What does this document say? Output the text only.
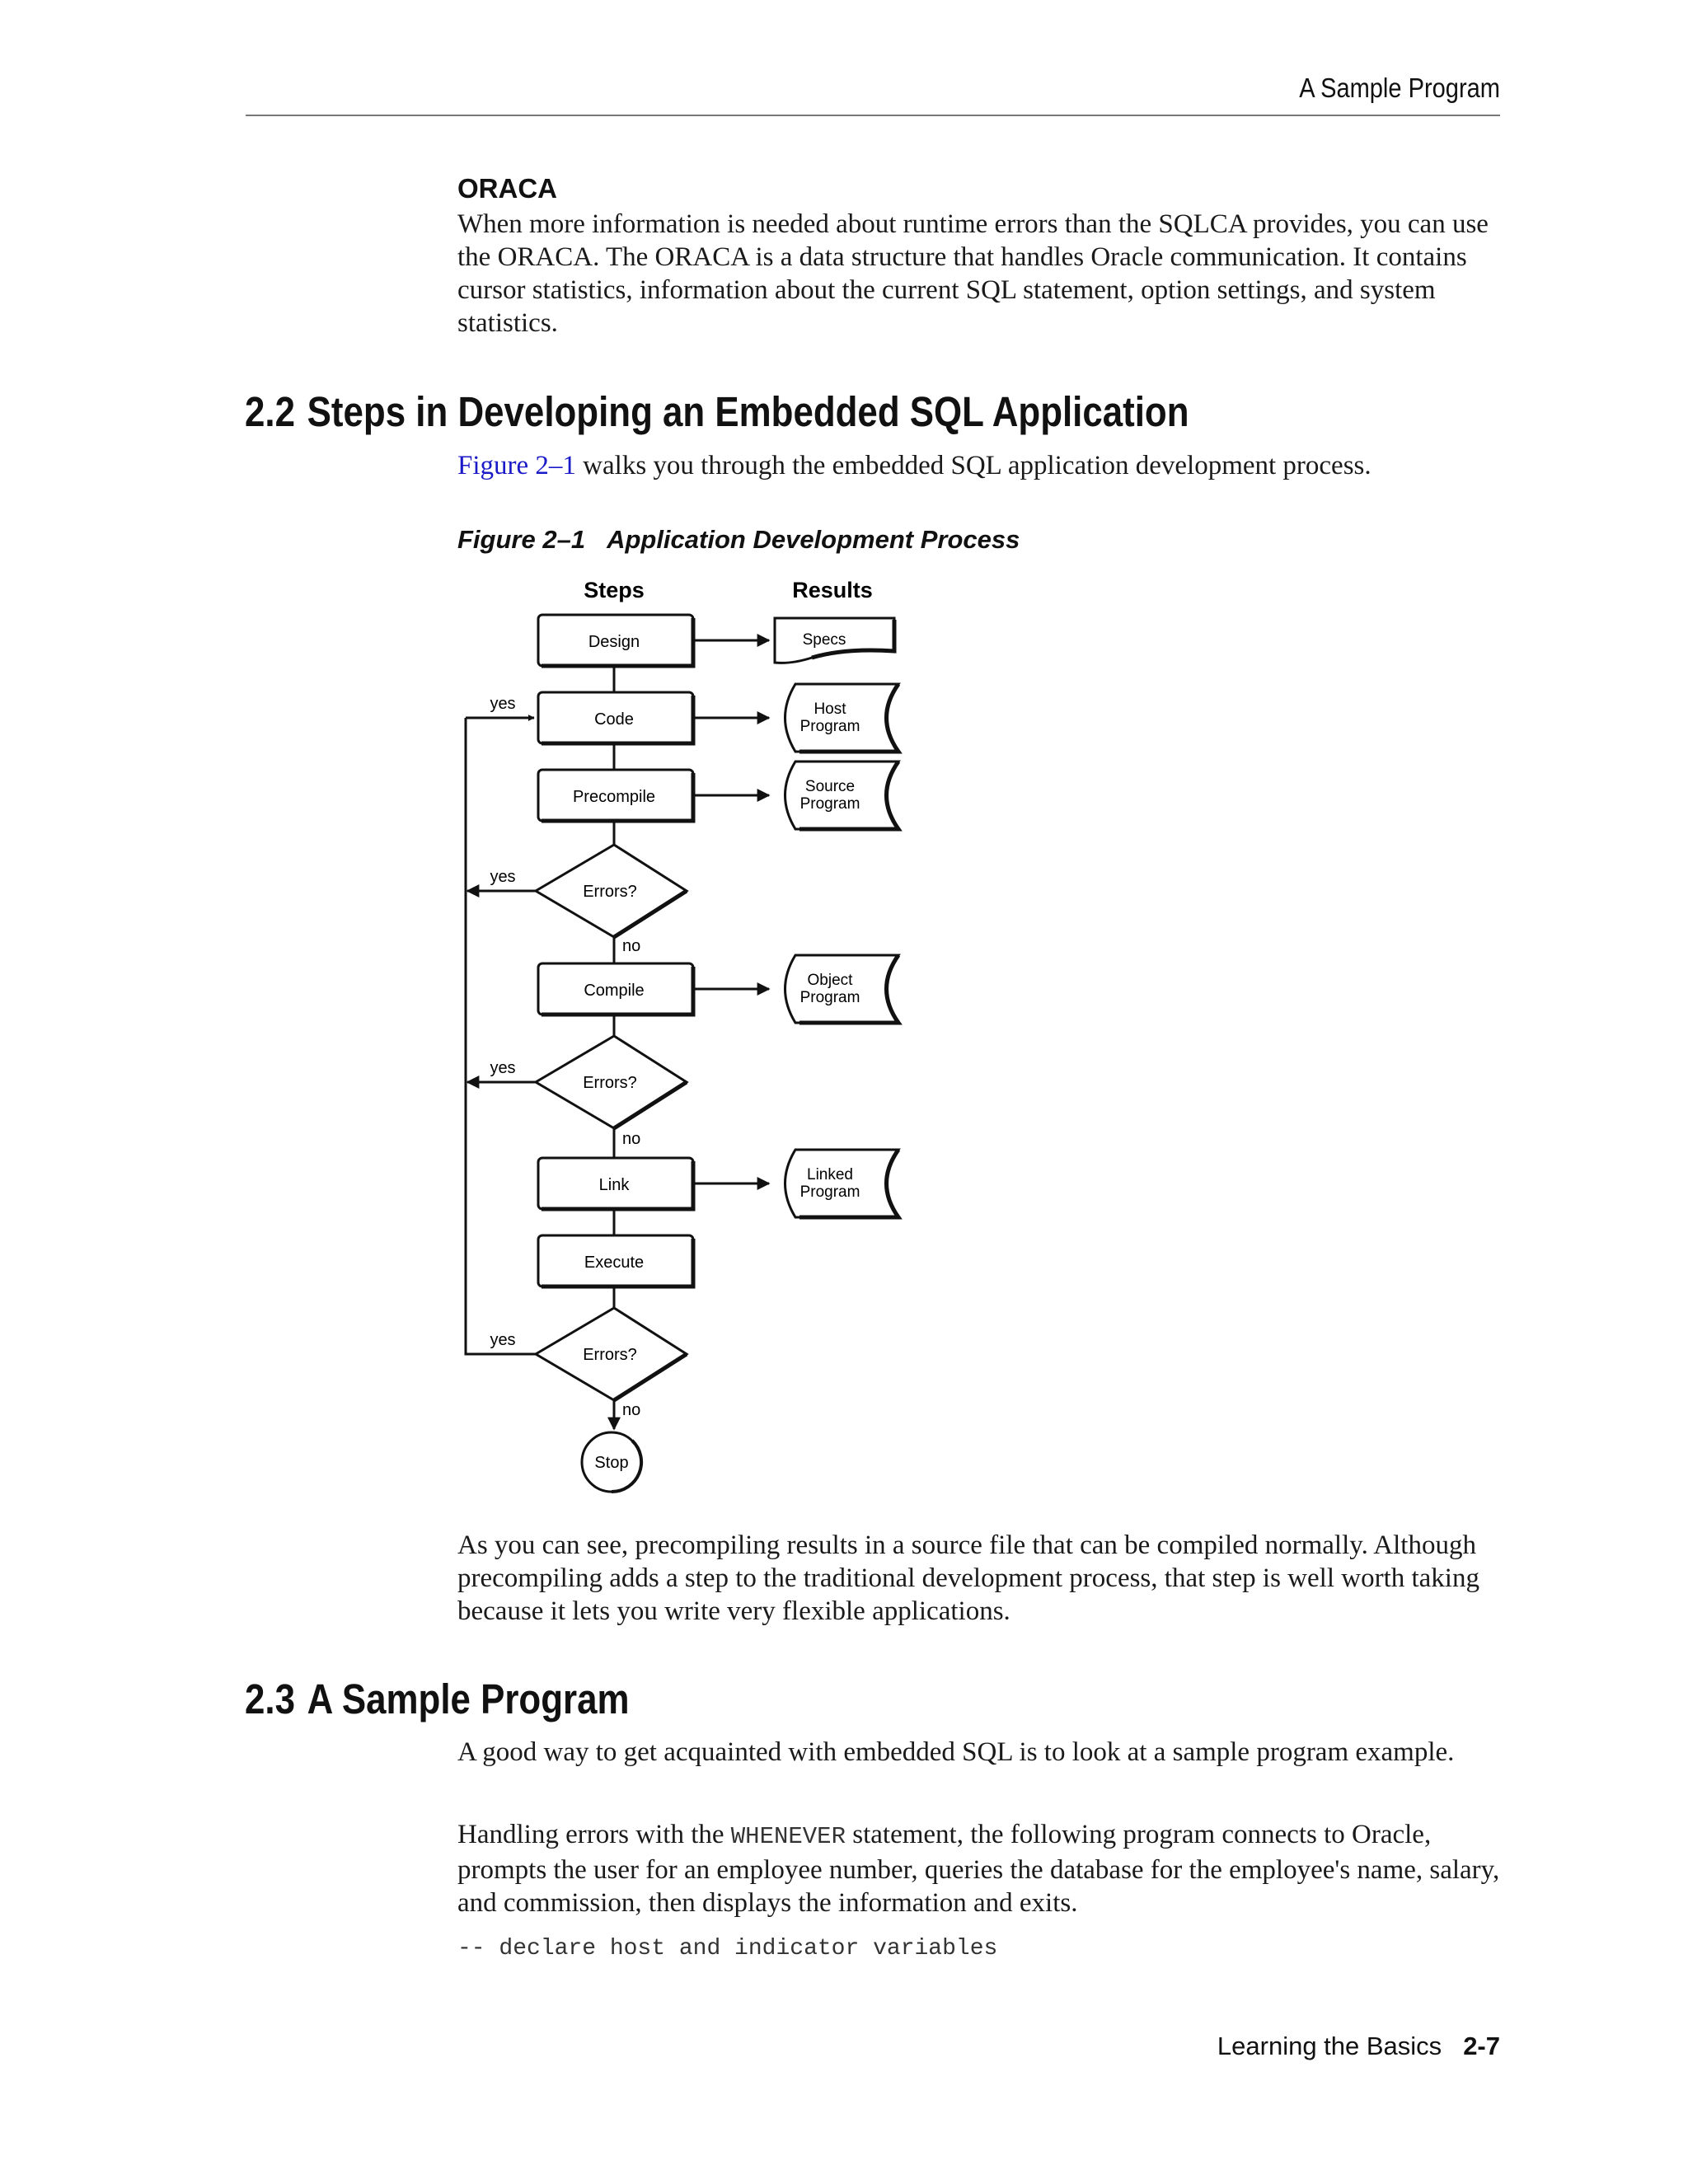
A Sample Program
ORACA
When more information is needed about runtime errors than the SQLCA provides, you can use the ORACA. The ORACA is a data structure that handles Oracle communication. It contains cursor statistics, information about the current SQL statement, option settings, and system statistics.
2.2 Steps in Developing an Embedded SQL Application
Figure 2–1 walks you through the embedded SQL application development process.
Figure 2–1 Application Development Process
Steps	Results
yes
yes
yes
yes
no
no
no
Design
Code
Precompile
Compile
Link
Execute
Errors?
Errors?
Errors?
Stop
Specs
Host
Program
Source
Program
Object
Program
Linked
Program
As you can see, precompiling results in a source file that can be compiled normally. Although precompiling adds a step to the traditional development process, that step is well worth taking because it lets you write very flexible applications.
2.3 A Sample Program
A good way to get acquainted with embedded SQL is to look at a sample program example.
Handling errors with the WHENEVER statement, the following program connects to Oracle, prompts the user for an employee number, queries the database for the employee's name, salary, and commission, then displays the information and exits.
-- declare host and indicator variables
Learning the Basics 2-7
